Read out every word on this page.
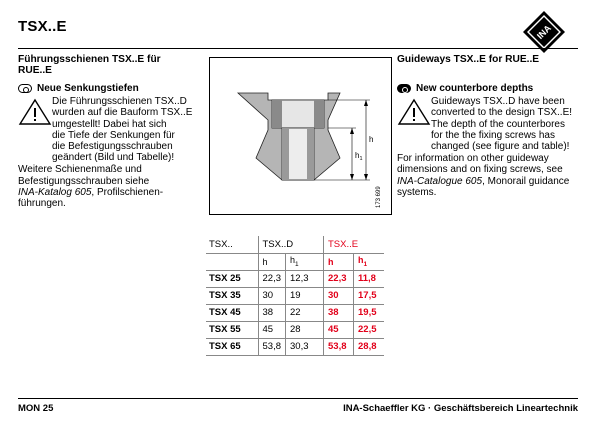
TSX..E	INA
Führungsschienen TSX..E für
RUE..E
Neue Senkungstiefen
Die Führungsschienen TSX..D
wurden auf die Bauform TSX..E
umgestellt! Dabei hat sich
die Tiefe der Senkungen für
die Befestigungsschrauben
geändert (Bild und Tabelle)!
Weitere Schienenmaße und
Befestigungsschrauben siehe
INA-Katalog 605, Profilschienen-
führungen.
h
$h_1$
173 699
Guideways TSX..E for RUE..E
New counterbore depths
Guideways TSX..D have been
converted to the design TSX..E!
The depth of the counterbores
for the the fixing screws has
changed (see figure and table)!
For information on other guideway
dimensions and on fixing screws, see
INA-Catalogue 605, Monorail guidance
systems.
TSX..	TSX..D		TSX..E	
	h	$h_1$	h	$h_1$
TSX 25	22,3	12,3	22,3	11,8
TSX 35	30	19	30	17,5
TSX 45	38	22	38	19,5
TSX 55	45	28	45	22,5
TSX 65	53,8	30,3	53,8	28,8
MON 25	INA-Schaeffler KG · Geschäftsbereich Lineartechnik
